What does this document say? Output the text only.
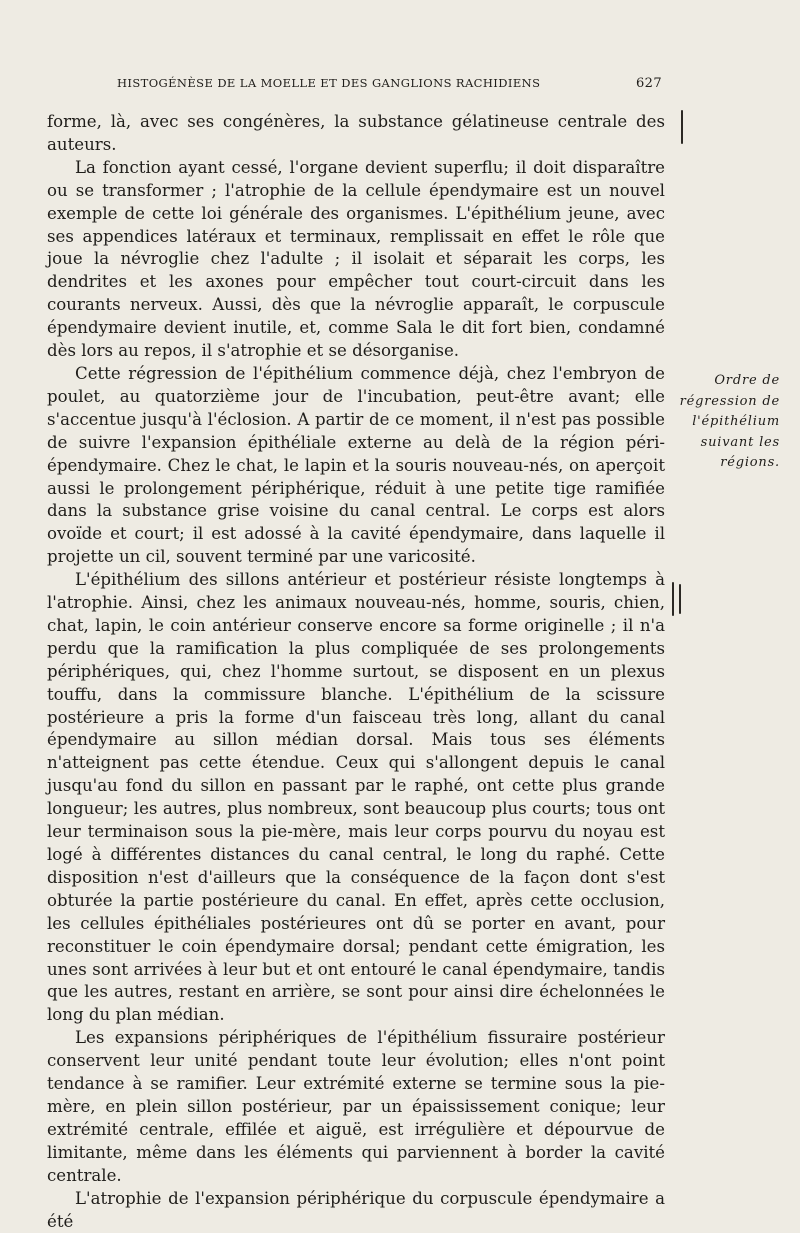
HISTOGÉNÈSE DE LA MOELLE ET DES GANGLIONS RACHIDIENS	627

forme, là, avec ses congénères, la substance gélatineuse centrale des auteurs.

La fonction ayant cessé, l'organe devient superflu; il doit disparaître ou se transformer ; l'atrophie de la cellule épendymaire est un nouvel exemple de cette loi générale des organismes. L'épithélium jeune, avec ses appendices latéraux et terminaux, remplissait en effet le rôle que joue la névroglie chez l'adulte ; il isolait et séparait les corps, les dendrites et les axones pour empêcher tout court-circuit dans les courants nerveux. Aussi, dès que la névroglie apparaît, le corpuscule épendymaire devient inutile, et, comme Sala le dit fort bien, condamné dès lors au repos, il s'atrophie et se désorganise.

Cette régression de l'épithélium commence déjà, chez l'embryon de poulet, au quatorzième jour de l'incubation, peut-être avant; elle s'accentue jusqu'à l'éclosion. A partir de ce moment, il n'est pas possible de suivre l'expansion épithéliale externe au delà de la région péri-épendymaire. Chez le chat, le lapin et la souris nouveau-nés, on aperçoit aussi le prolongement périphérique, réduit à une petite tige ramifiée dans la substance grise voisine du canal central. Le corps est alors ovoïde et court; il est adossé à la cavité épendymaire, dans laquelle il projette un cil, souvent terminé par une varicosité.

L'épithélium des sillons antérieur et postérieur résiste longtemps à l'atrophie. Ainsi, chez les animaux nouveau-nés, homme, souris, chien, chat, lapin, le coin antérieur conserve encore sa forme originelle ; il n'a perdu que la ramification la plus compliquée de ses prolongements périphériques, qui, chez l'homme surtout, se disposent en un plexus touffu, dans la commissure blanche. L'épithélium de la scissure postérieure a pris la forme d'un faisceau très long, allant du canal épendymaire au sillon médian dorsal. Mais tous ses éléments n'atteignent pas cette étendue. Ceux qui s'allongent depuis le canal jusqu'au fond du sillon en passant par le raphé, ont cette plus grande longueur; les autres, plus nombreux, sont beaucoup plus courts; tous ont leur terminaison sous la pie-mère, mais leur corps pourvu du noyau est logé à différentes distances du canal central, le long du raphé. Cette disposition n'est d'ailleurs que la conséquence de la façon dont s'est obturée la partie postérieure du canal. En effet, après cette occlusion, les cellules épithéliales postérieures ont dû se porter en avant, pour reconstituer le coin épendymaire dorsal; pendant cette émigration, les unes sont arrivées à leur but et ont entouré le canal épendymaire, tandis que les autres, restant en arrière, se sont pour ainsi dire échelonnées le long du plan médian.

Les expansions périphériques de l'épithélium fissuraire postérieur conservent leur unité pendant toute leur évolution; elles n'ont point tendance à se ramifier. Leur extrémité externe se termine sous la pie-mère, en plein sillon postérieur, par un épaississement conique; leur extrémité centrale, effilée et aiguë, est irrégulière et dépourvue de limitante, même dans les éléments qui parviennent à border la cavité centrale.

L'atrophie de l'expansion périphérique du corpuscule épendymaire a été

Ordre de régression de l'épithélium suivant les régions.
